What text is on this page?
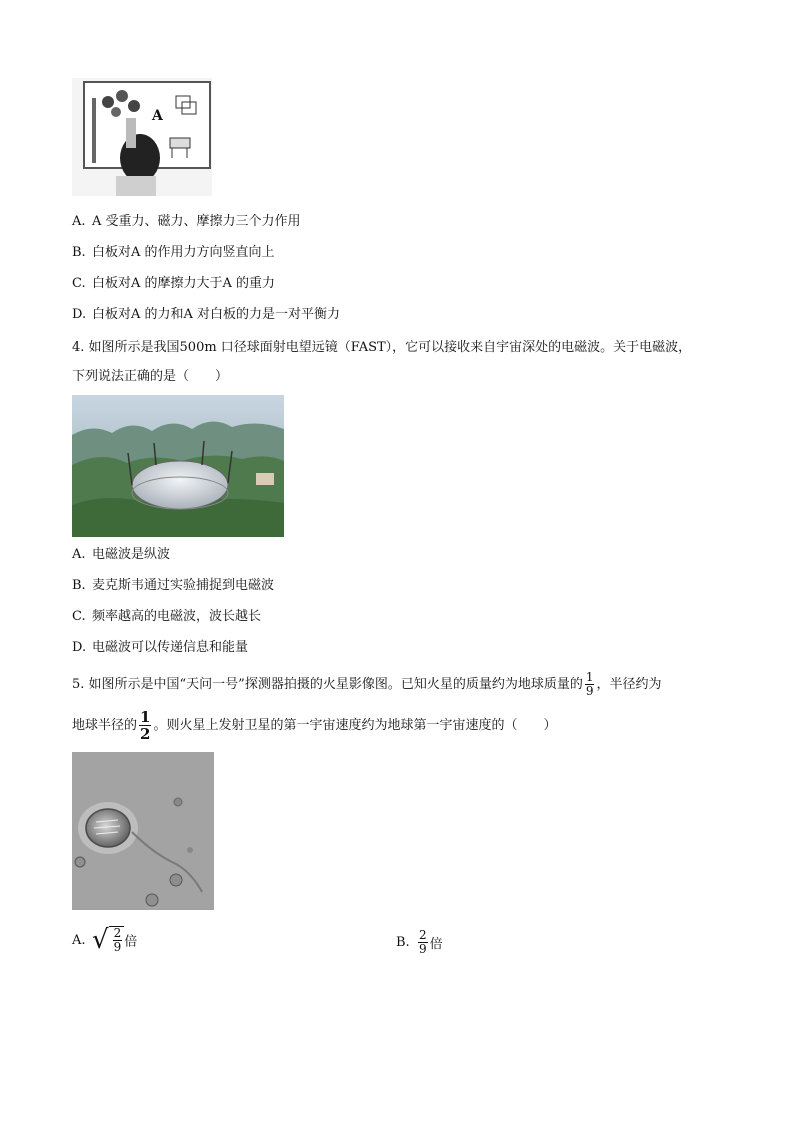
A
A. A 受重力、磁力、摩擦力三个力作用
B. 白板对A 的作用力方向竖直向上
C. 白板对A 的摩擦力大于A 的重力
D. 白板对A 的力和A 对白板的力是一对平衡力
4. 如图所示是我国500m 口径球面射电望远镜（FAST），它可以接收来自宇宙深处的电磁波。关于电磁波，
下列说法正确的是（　　）
A. 电磁波是纵波
B. 麦克斯韦通过实验捕捉到电磁波
C. 频率越高的电磁波，波长越长
D. 电磁波可以传递信息和能量
5. 如图所示是中国“天问一号”探测器拍摄的火星影像图。已知火星的质量约为地球质量的 $\frac{1}{9}$ ，半径约为
地球半径的 $\frac{1}{2}$ 。则火星上发射卫星的第一宇宙速度约为地球第一宇宙速度的（　　）
A. √ $\frac{2}{9}$ 倍	B. $\frac{2}{9}$ 倍
